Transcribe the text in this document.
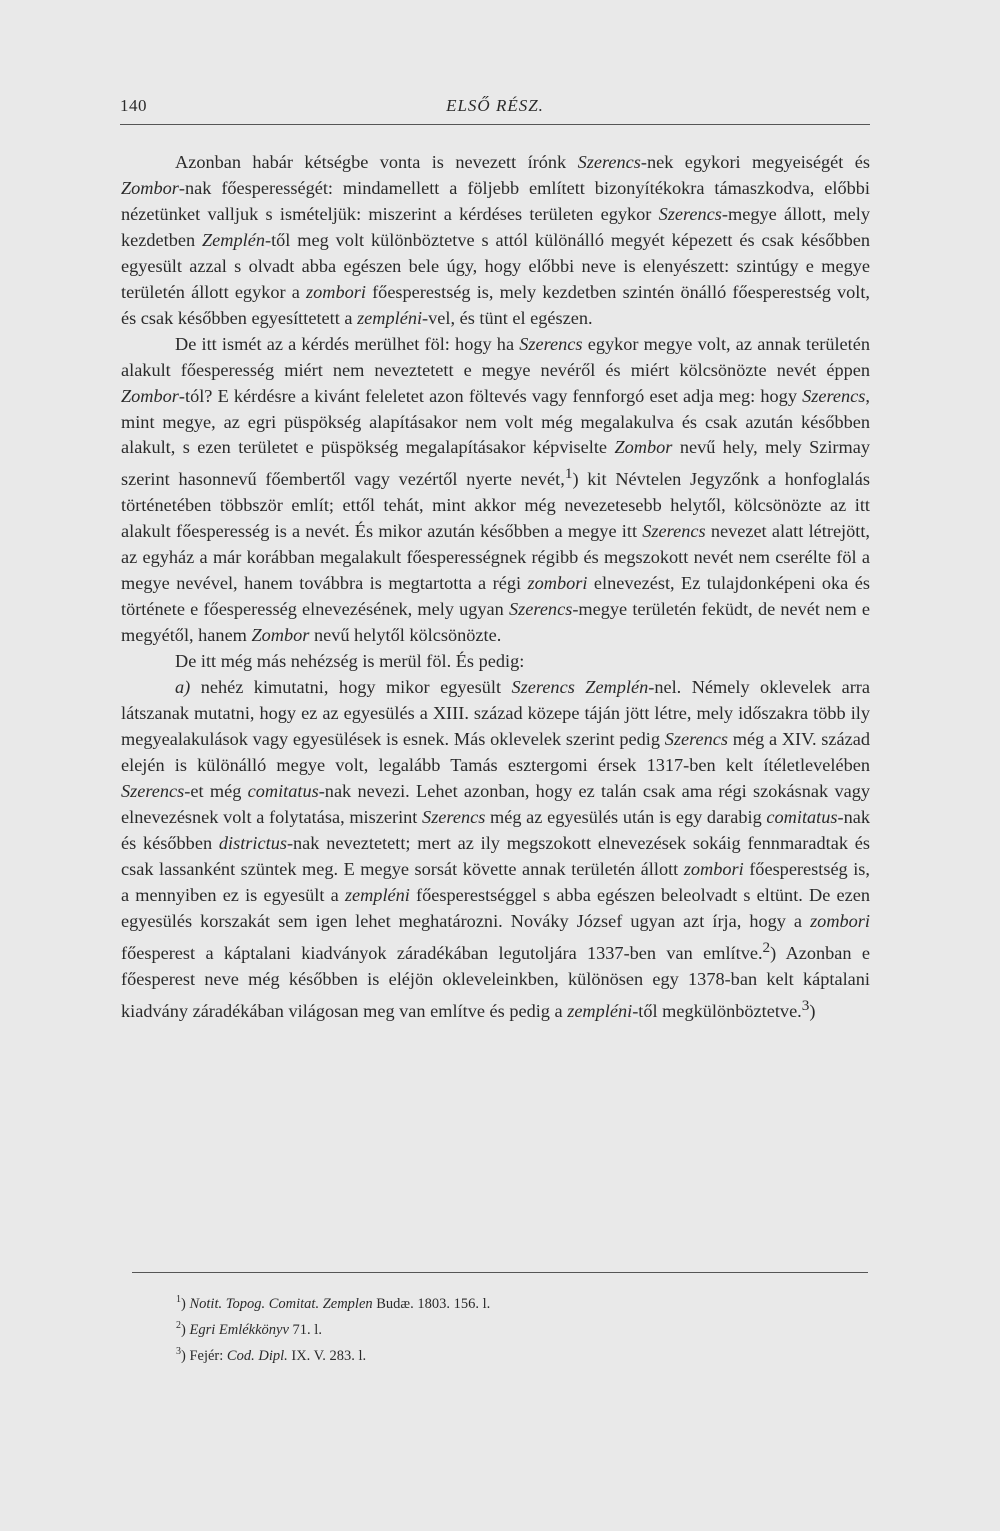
140	ELSŐ RÉSZ.

Azonban habár kétségbe vonta is nevezett írónk Szerencs-nek egykori megyeiségét és Zombor-nak főesperességét: mindamellett a följebb említett bizonyítékokra támaszkodva, előbbi nézetünket valljuk s ismételjük: miszerint a kérdéses területen egykor Szerencs-megye állott, mely kezdetben Zemplén-től meg volt különböztetve s attól különálló megyét képezett és csak későbben egyesült azzal s olvadt abba egészen bele úgy, hogy előbbi neve is elenyészett: szintúgy e megye területén állott egykor a zombori főesperestség is, mely kezdetben szintén önálló főesperestség volt, és csak későbben egyesíttetett a zempléni-vel, és tünt el egészen.

De itt ismét az a kérdés merülhet föl: hogy ha Szerencs egykor megye volt, az annak területén alakult főesperesség miért nem neveztetett e megye nevéről és miért kölcsönözte nevét éppen Zombor-tól? E kérdésre a kivánt feleletet azon föltevés vagy fennforgó eset adja meg: hogy Szerencs, mint megye, az egri püspökség alapításakor nem volt még megalakulva és csak azután későbben alakult, s ezen területet e püspökség megalapításakor képviselte Zombor nevű hely, mely Szirmay szerint hasonnevű főembertől vagy vezértől nyerte nevét,$^1$) kit Névtelen Jegyzőnk a honfoglalás történetében többször említ; ettől tehát, mint akkor még nevezetesebb helytől, kölcsönözte az itt alakult főesperesség is a nevét. És mikor azután későbben a megye itt Szerencs nevezet alatt létrejött, az egyház a már korábban megalakult főesperességnek régibb és megszokott nevét nem cserélte föl a megye nevével, hanem továbbra is megtartotta a régi zombori elnevezést, Ez tulajdonképeni oka és története e főesperesség elnevezésének, mely ugyan Szerencs-megye területén feküdt, de nevét nem e megyétől, hanem Zombor nevű helytől kölcsönözte.

De itt még más nehézség is merül föl. És pedig:

a) nehéz kimutatni, hogy mikor egyesült Szerencs Zemplén-nel. Némely oklevelek arra látszanak mutatni, hogy ez az egyesülés a XIII. század közepe táján jött létre, mely időszakra több ily megyealakulások vagy egyesülések is esnek. Más oklevelek szerint pedig Szerencs még a XIV. század elején is különálló megye volt, legalább Tamás esztergomi érsek 1317-ben kelt ítéletlevelében Szerencs-et még comitatus-nak nevezi. Lehet azonban, hogy ez talán csak ama régi szokásnak vagy elnevezésnek volt a folytatása, miszerint Szerencs még az egyesülés után is egy darabig comitatus-nak és későbben districtus-nak neveztetett; mert az ily megszokott elnevezések sokáig fennmaradtak és csak lassanként szüntek meg. E megye sorsát követte annak területén állott zombori főesperestség is, a mennyiben ez is egyesült a zempléni főesperestséggel s abba egészen beleolvadt s eltünt. De ezen egyesülés korszakát sem igen lehet meghatározni. Nováky József ugyan azt írja, hogy a zombori főesperest a káptalani kiadványok záradékában legutoljára 1337-ben van említve.$^2$) Azonban e főesperest neve még későbben is eléjön okleveleinkben, különösen egy 1378-ban kelt káptalani kiadvány záradékában világosan meg van említve és pedig a zempléni-től megkülönböztetve.$^3$)

$^1$) Notit. Topog. Comitat. Zemplen Budæ. 1803. 156. l.

$^2$) Egri Emlékkönyv 71. l.

$^3$) Fejér: Cod. Dipl. IX. V. 283. l.
